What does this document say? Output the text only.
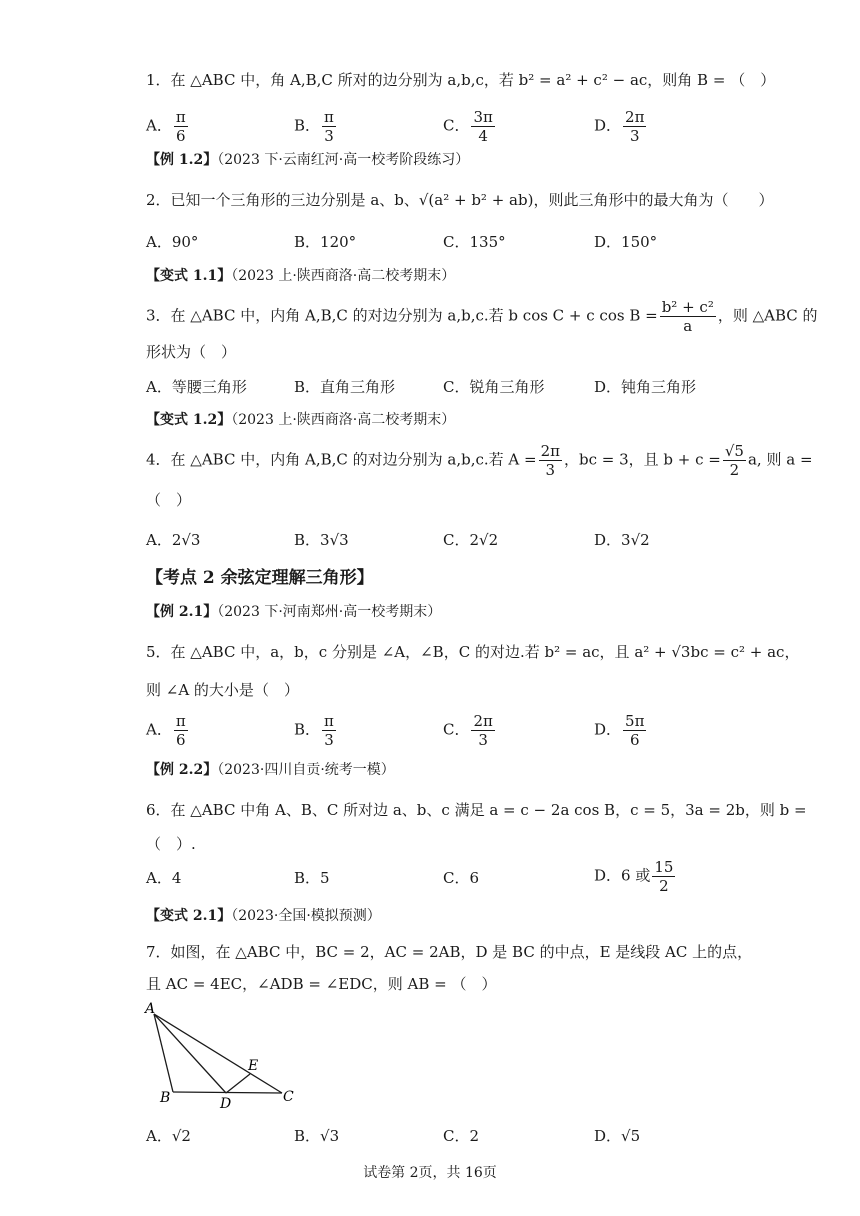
1．在 △ABC 中，角 A,B,C 所对的边分别为 a,b,c，若 b² = a² + c² − ac，则角 B = （　）
A． $\frac{\pi}{6}$	B． $\frac{\pi}{3}$	C． $\frac{3\pi}{4}$	D． $\frac{2\pi}{3}$
【例 1.2】（2023 下·云南红河·高一校考阶段练习）
2．已知一个三角形的三边分别是 a、b、√(a² + b² + ab)，则此三角形中的最大角为（　　）
A．90°	B．120°	C．135°	D．150°
【变式 1.1】（2023 上·陕西商洛·高二校考期末）
3．在 △ABC 中，内角 A,B,C 的对边分别为 a,b,c.若 b cos C + c $\cos B = \frac{\text{b² + c²}}{a}$ ，则 △ABC 的
形状为（　）
A．等腰三角形	B．直角三角形	C．锐角三角形	D．钝角三角形
【变式 1.2】（2023 上·陕西商洛·高二校考期末）
4．在 △ABC 中，内角 A,B,C 的对边分别为 a,b,c.若 $A = \frac{2\pi}{3}$ ，bc = 3，且 $b + c = \frac{√5}{2} a$, 则 a =
（　）
A．2√3	B．3√3	C．2√2	D．3√2
【考点 2 余弦定理解三角形】
【例 2.1】（2023 下·河南郑州·高一校考期末）
5．在 △ABC 中，a，b，c 分别是 ∠A，∠B，C 的对边.若 b² = ac，且 a² + √3bc = c² + ac，
则 ∠A 的大小是（　）
A． $\frac{\pi}{6}$	B． $\frac{\pi}{3}$	C． $\frac{2\pi}{3}$	D． $\frac{5\pi}{6}$
【例 2.2】（2023·四川自贡·统考一模）
6．在 △ABC 中角 A、B、C 所对边 a、b、c 满足 a = c − 2a cos B，c = 5，3a = 2b，则 b =
（　）.
A．4	B．5	C．6	D．6 或 $\frac{15}{2}$
【变式 2.1】（2023·全国·模拟预测）
7．如图，在 △ABC 中，BC = 2，AC = 2AB，D 是 BC 的中点，E 是线段 AC 上的点，
且 AC = 4EC，∠ADB = ∠EDC，则 AB = （　）
A
B	C
D
E
A．√2	B．√3	C．2	D．√5
试卷第 2页，共 16页
